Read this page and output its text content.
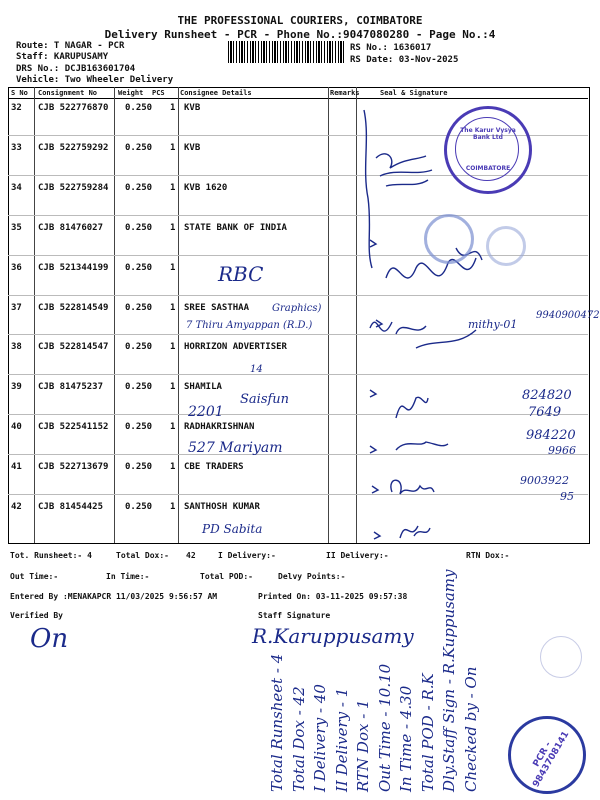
THE PROFESSIONAL COURIERS, COIMBATORE
Delivery Runsheet - PCR - Phone No.:9047080280 - Page No.:4
Route: T NAGAR - PCR
Staff: KARUPUSAMY
DRS No.: DCJB163601704
Vehicle: Two Wheeler Delivery
RS No.: 1636017
RS Date: 03-Nov-2025
S No Consignment No	Weight PCS Consignee Details	Remarks	Seal & Signature
32 CJB 522776870 0.250 1 KVB
33 CJB 522759292 0.250 1 KVB
34 CJB 522759284 0.250 1 KVB 1620
35 CJB 81476027 0.250 1 STATE BANK OF INDIA
36 CJB 521344199 0.250 1
37 CJB 522814549 0.250 1 SREE SASTHAA
38 CJB 522814547 0.250 1 HORRIZON ADVERTISER
39 CJB 81475237 0.250 1 SHAMILA
40 CJB 522541152 0.250 1 RADHAKRISHNAN
41 CJB 522713679 0.250 1 CBE TRADERS
42 CJB 81454425 0.250 1 SANTHOSH KUMAR
RBC
Graphics)
7 Thiru Amyappan (R.D.)	mithy-01
9940900472
14
Saisfun
2201
824820
7649
527 Mariyam
984220
9966
9003922
95
PD Sabita
The Karur Vysya Bank Ltd
COIMBATORE
Tot. Runsheet:- 4	Total Dox:- 42	I Delivery:-	II Delivery:-	RTN Dox:-
Out Time:-	In Time:-	Total POD:-	Delvy Points:-
Entered By :MENAKAPCR 11/03/2025 9:56:57 AM	Printed On: 03-11-2025 09:57:38
Verified By	Staff Signature
On	R.Karuppusamy
Total Runsheet - 4 Total Dox - 42 I Delivery - 40 II Delivery - 1 RTN Dox - 1 Out Time - 10.10 In Time - 4.30 Total POD - R.K Dly.Staff Sign - R.Kuppusamy Checked by - On	PCR - 9843708141
